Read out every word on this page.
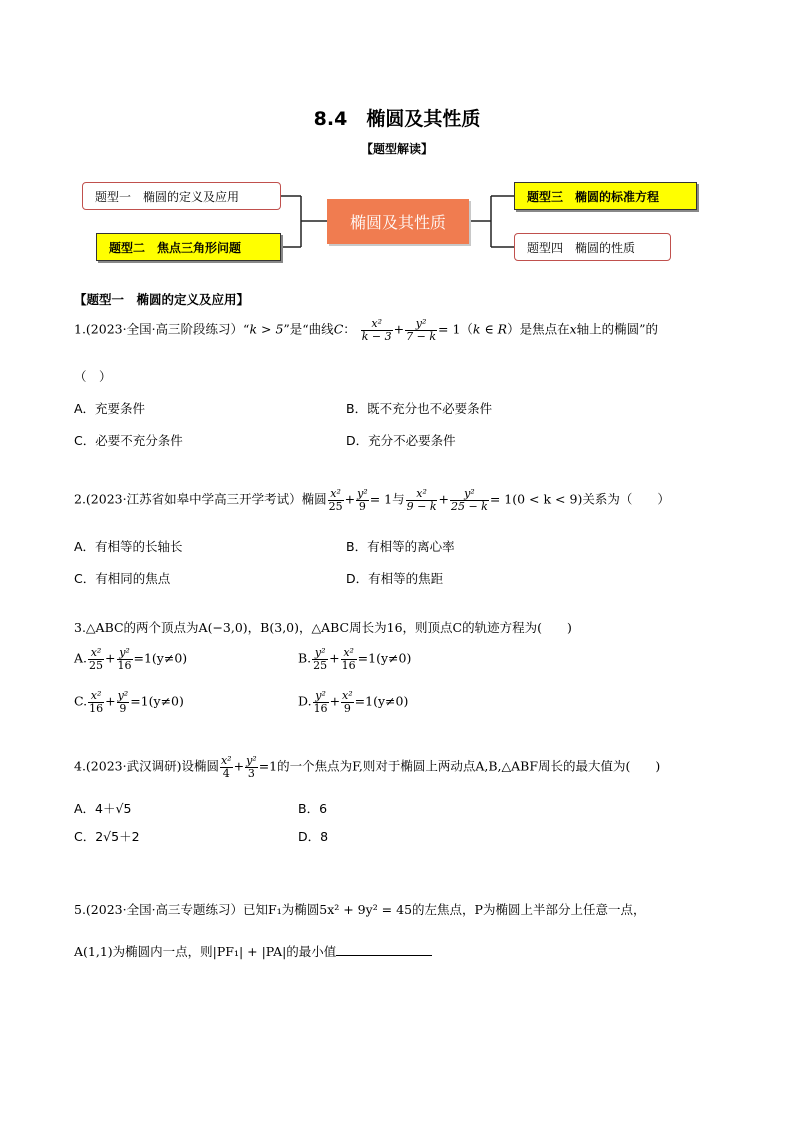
8.4　椭圆及其性质
【题型解读】
题型一　椭圆的定义及应用
题型二　焦点三角形问题
椭圆及其性质
题型三　椭圆的标准方程
题型四　椭圆的性质
【题型一　椭圆的定义及应用】
1.(2023·全国·高三阶段练习）“k > 5”是“曲线C： $\frac{\text{x²}}{k - 3} + \frac{\text{y²}}{7 - k} = 1(k$ ∈ R）是焦点在x轴上的椭圆”的
（　）
A．充要条件	B．既不充分也不必要条件
C．必要不充分条件	D．充分不必要条件
2.(2023·江苏省如皋中学高三开学考试）椭圆 $\frac{\text{x²}}{25} + \frac{\text{y²}}{9} = 1$与 $\frac{\text{x²}}{9 - k} + \frac{\text{y²}}{25 - k} = 1(0 < k < 9)$关系为（　　）
A．有相等的长轴长	B．有相等的离心率
C．有相同的焦点	D．有相等的焦距
3.△ABC的两个顶点为A(−3,0)，B(3,0)，△ABC周长为16，则顶点C的轨迹方程为(　　)
A. $\frac{\text{x²}}{25} + \frac{\text{y²}}{16} =1(y\ne 0)$	B. $\frac{\text{y²}}{25} + \frac{\text{x²}}{16} =1(y\ne 0)$
C. $\frac{\text{x²}}{16} + \frac{\text{y²}}{9} =1(y\ne 0)$	D. $\frac{\text{y²}}{16} + \frac{\text{x²}}{9} =1(y\ne 0)$
4.(2023·武汉调研)设椭圆 $\frac{\text{x²}}{4} + \frac{\text{y²}}{3} =1$的一个焦点为F,则对于椭圆上两动点A,B,△ABF周长的最大值为(　　)
A．4＋√5	B．6
C．2√5＋2	D．8
5.(2023·全国·高三专题练习）已知F₁为椭圆5x² + 9y² = 45的左焦点，P为椭圆上半部分上任意一点，
A(1,1)为椭圆内一点，则|PF₁| + |PA|的最小值
